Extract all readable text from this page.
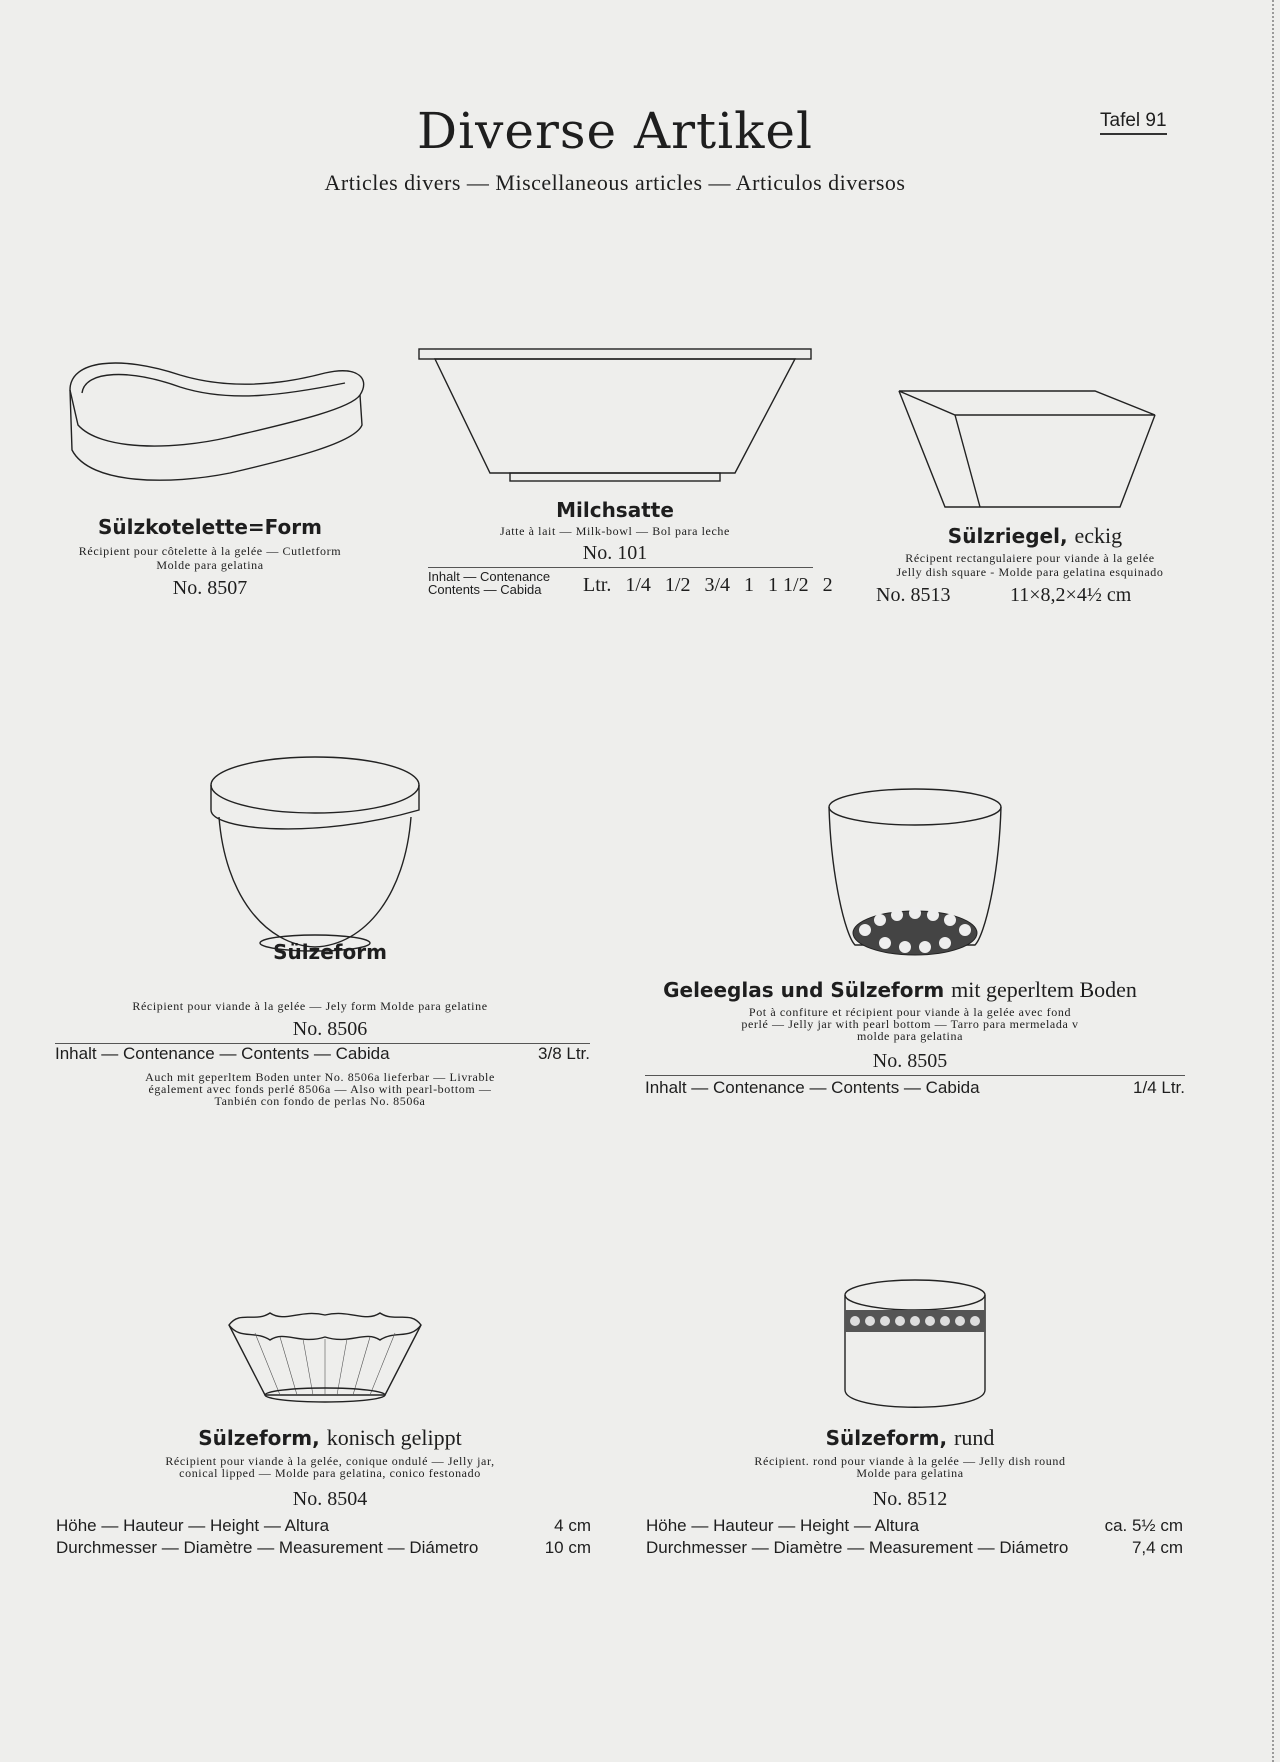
Diverse Artikel
Articles divers — Miscellaneous articles — Articulos diversos
Tafel 91
Sülzkotelette=Form
Récipient pour côtelette à la gelée — Cutletform
Molde para gelatina
No. 8507
Milchsatte
Jatte à lait — Milk-bowl — Bol para leche
No. 101
Inhalt — Contenance
Contents — Cabida	Ltr. 1/4 1/2 3/4 1 1 1/2 2
Sülzriegel, eckig
Récipent rectangulaiere pour viande à la gelée
Jelly dish square - Molde para gelatina esquinado
No. 8513	11×8,2×4½ cm
Sülzeform
Récipient pour viande à la gelée — Jely form Molde para gelatine
No. 8506
Inhalt — Contenance — Contents — Cabida	3/8 Ltr.
Auch mit geperltem Boden unter No. 8506a lieferbar — Livrable
également avec fonds perlé 8506a — Also with pearl-bottom —
Tanbién con fondo de perlas No. 8506a
Geleeglas und Sülzeform mit geperltem Boden
Pot à confiture et récipient pour viande à la gelée avec fond
perlé — Jelly jar with pearl bottom — Tarro para mermelada v
molde para gelatina
No. 8505
Inhalt — Contenance — Contents — Cabida	1/4 Ltr.
Sülzeform, konisch gelippt
Récipient pour viande à la gelée, conique ondulé — Jelly jar,
conical lipped — Molde para gelatina, conico festonado
No. 8504
Höhe — Hauteur — Height — Altura	4 cm
Durchmesser — Diamètre — Measurement — Diámetro	10 cm
Sülzeform, rund
Récipient. rond pour viande à la gelée — Jelly dish round
Molde para gelatina
No. 8512
Höhe — Hauteur — Height — Altura	ca. 5½ cm
Durchmesser — Diamètre — Measurement — Diámetro	7,4 cm
